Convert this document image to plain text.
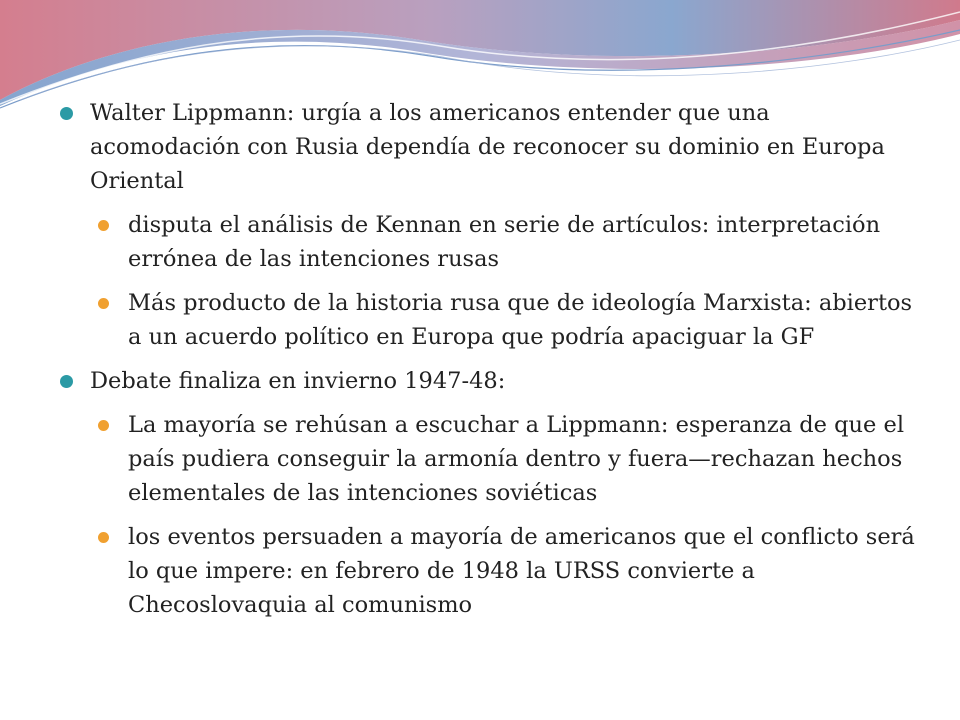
Walter Lippmann: urgía a los americanos entender que una acomodación con Rusia dependía de reconocer su dominio en Europa Oriental
disputa el análisis de Kennan en serie de artículos: interpretación errónea de las intenciones rusas
Más producto de la historia rusa que de ideología Marxista: abiertos a un acuerdo político en Europa que podría apaciguar la GF
Debate finaliza en invierno 1947-48:
La mayoría se rehúsan a escuchar a Lippmann: esperanza de que el país pudiera conseguir la armonía dentro y fuera—rechazan hechos elementales de las intenciones soviéticas
los eventos persuaden a mayoría de americanos que el conflicto será lo que impere: en febrero de 1948 la URSS convierte a Checoslovaquia al comunismo
